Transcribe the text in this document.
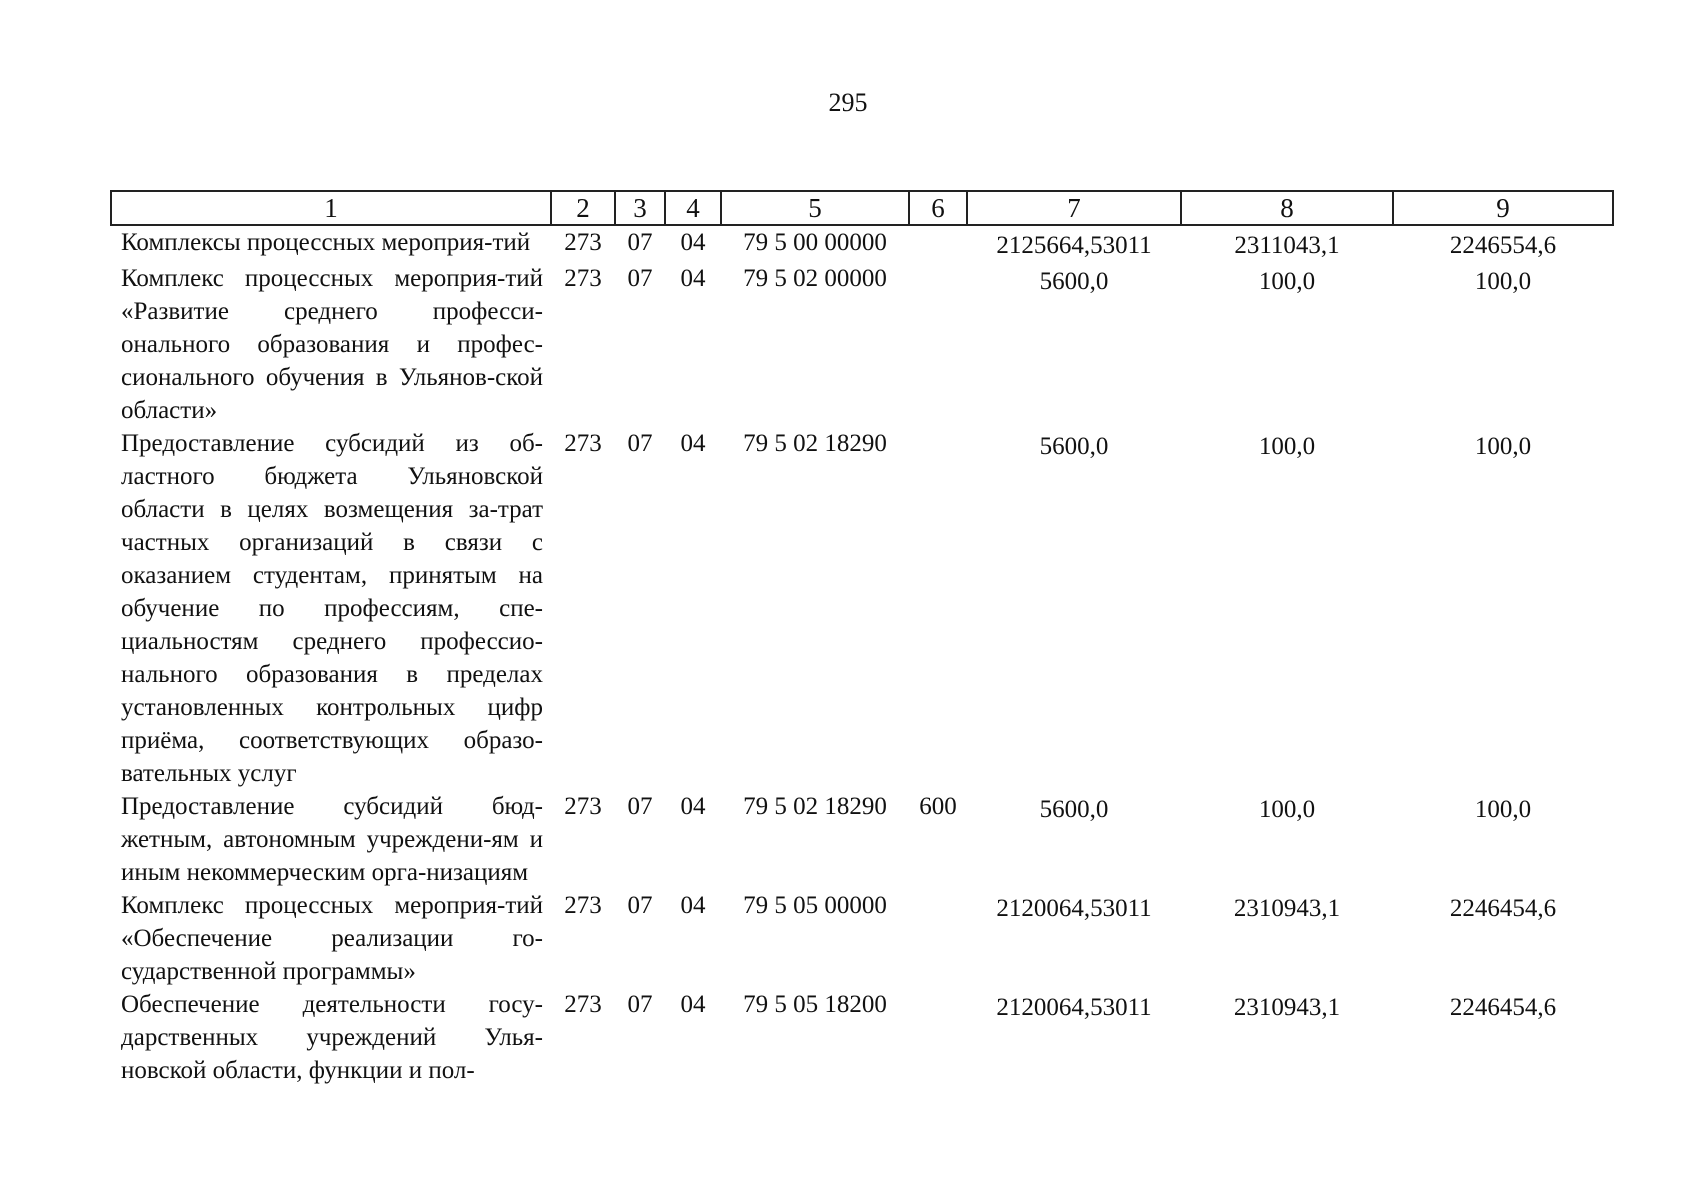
295
1	2	3	4	5	6	7	8	9
Комплексы процессных мероприя-тий	273	07	04	79 5 00 00000		2125664,53011	2311043,1	2246554,6
Комплекс процессных мероприя-тий «Развитие среднего професси-онального образования и профес-сионального обучения в Ульянов-ской области»	273	07	04	79 5 02 00000		5600,0	100,0	100,0
Предоставление субсидий из об-ластного бюджета Ульяновской области в целях возмещения за-трат частных организаций в связи с оказанием студентам, принятым на обучение по профессиям, спе-циальностям среднего профессио-нального образования в пределах установленных контрольных цифр приёма, соответствующих образо-вательных услуг	273	07	04	79 5 02 18290		5600,0	100,0	100,0
Предоставление субсидий бюд-жетным, автономным учреждени-ям и иным некоммерческим орга-низациям	273	07	04	79 5 02 18290	600	5600,0	100,0	100,0
Комплекс процессных мероприя-тий «Обеспечение реализации го-сударственной программы»	273	07	04	79 5 05 00000		2120064,53011	2310943,1	2246454,6
Обеспечение деятельности госу-дарственных учреждений Улья-новской области, функции и пол-	273	07	04	79 5 05 18200		2120064,53011	2310943,1	2246454,6
